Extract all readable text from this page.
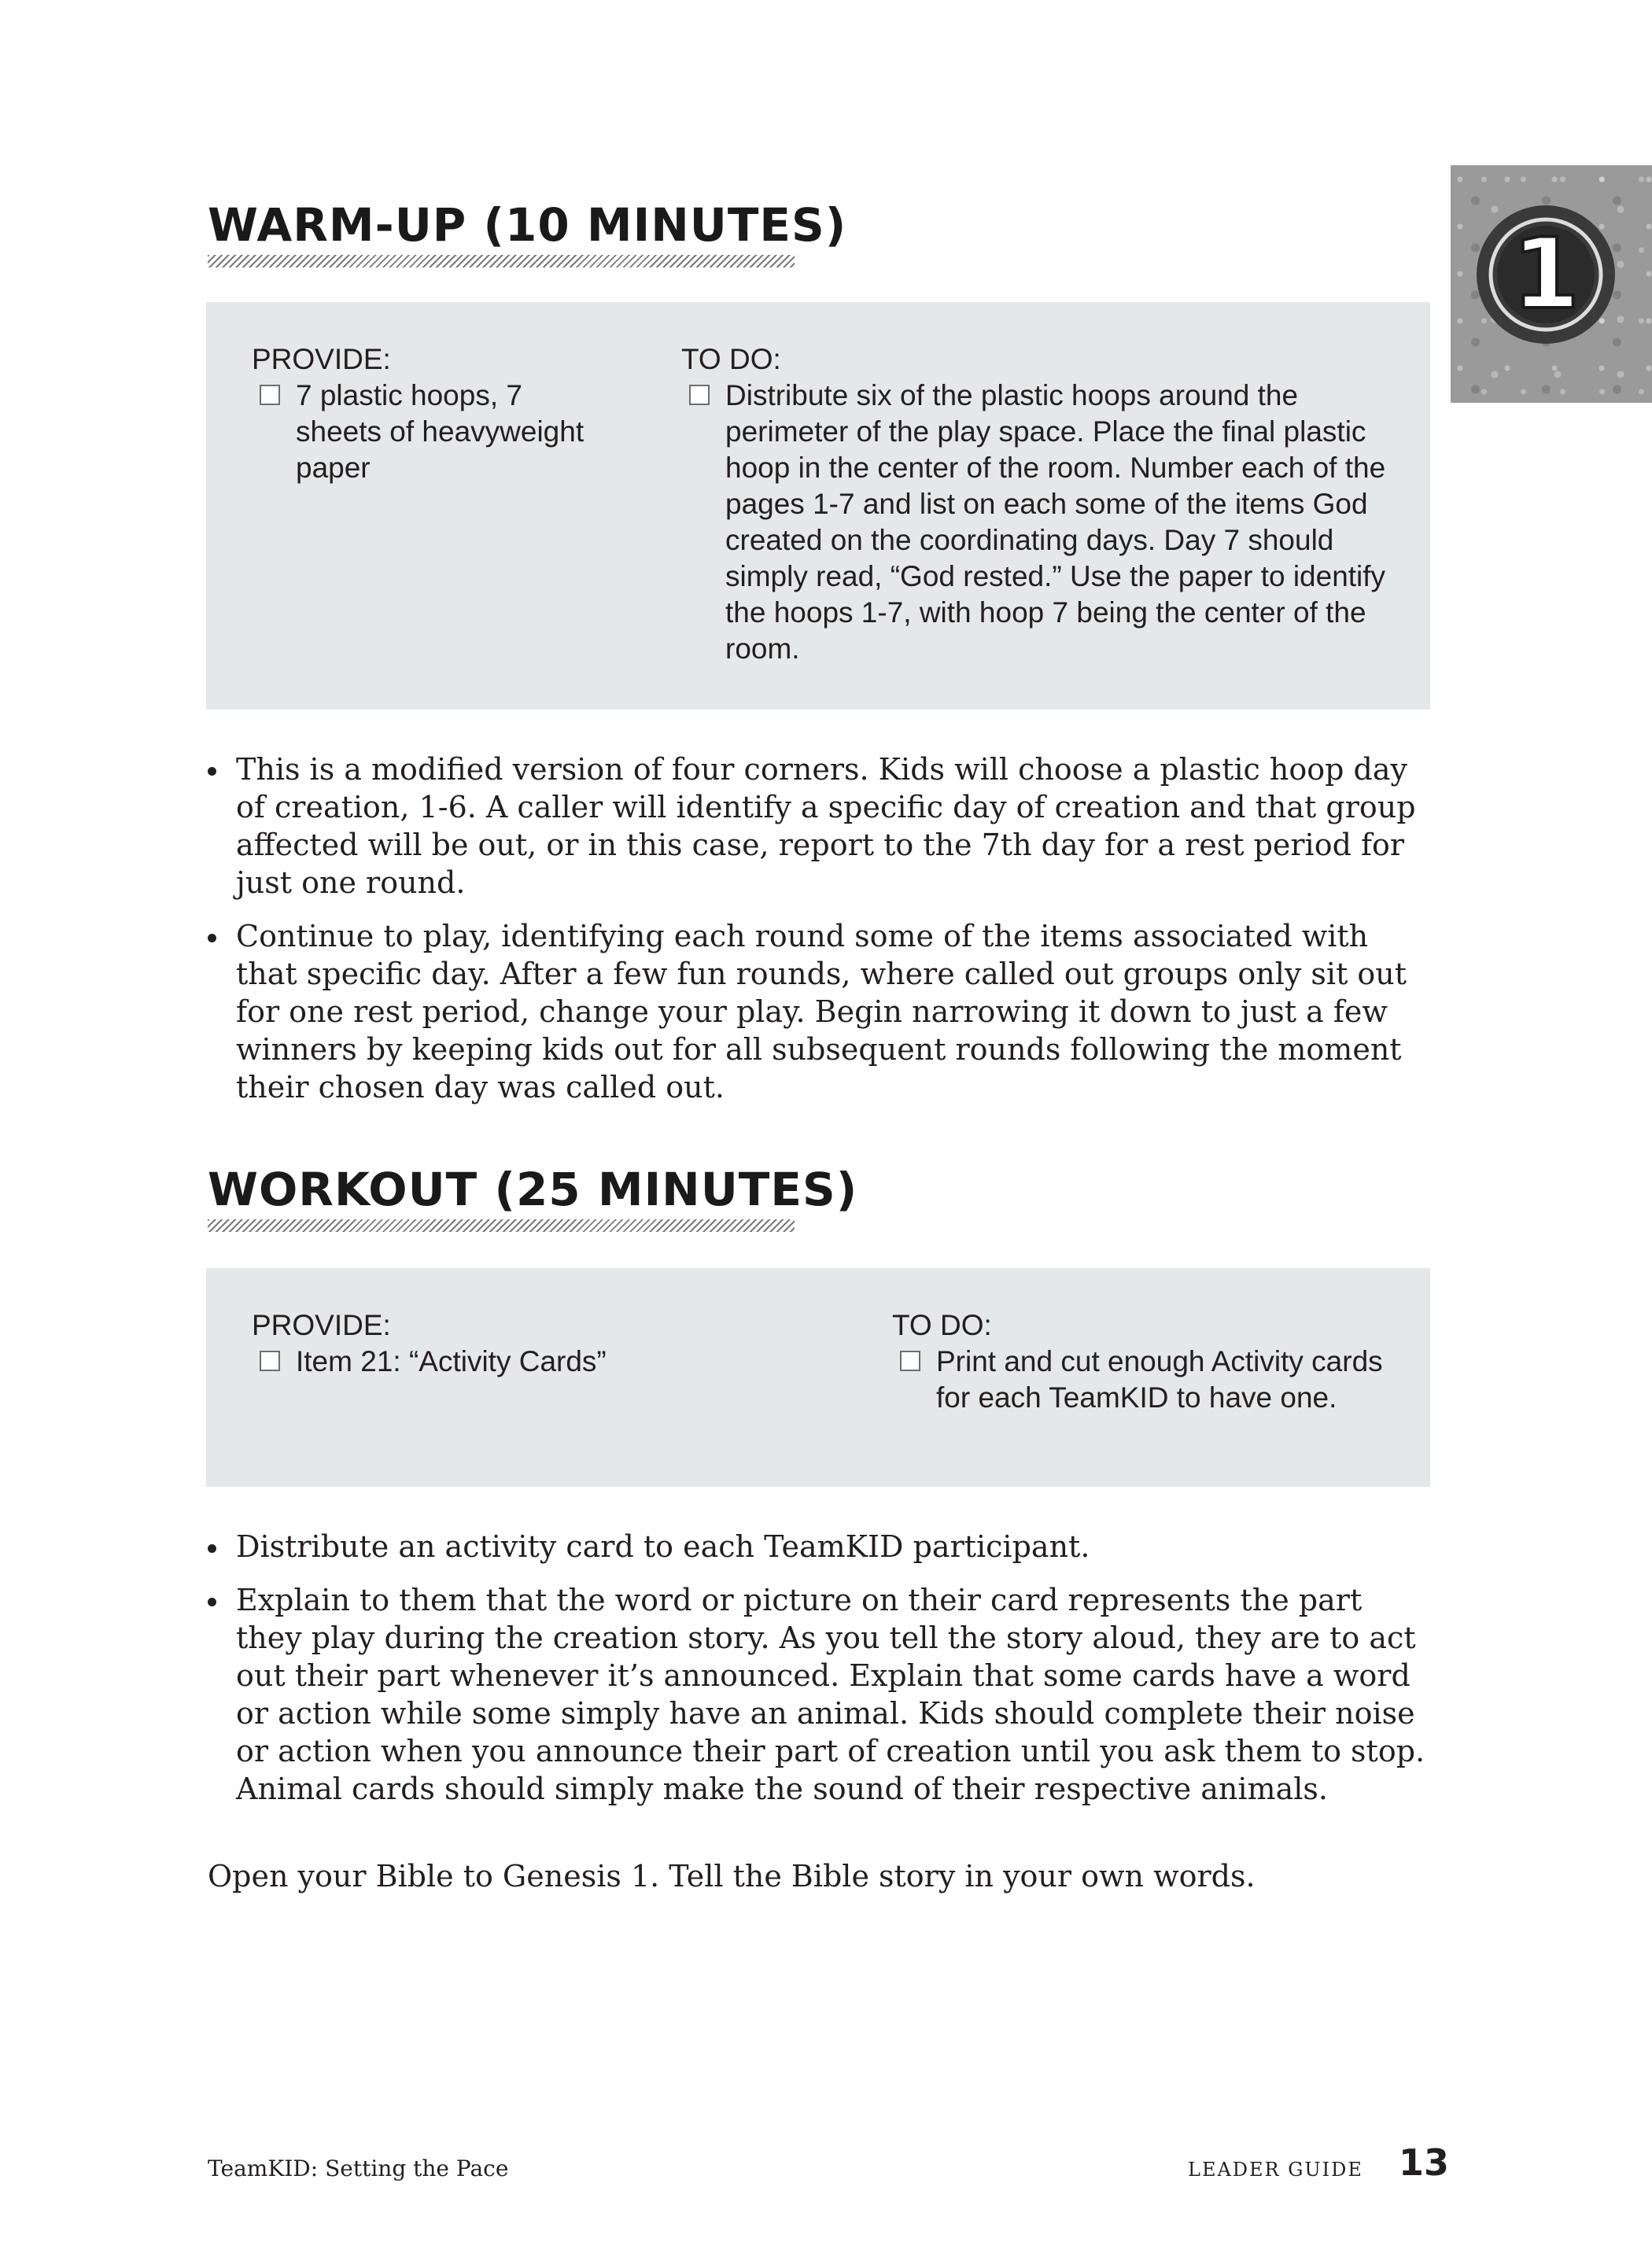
1
WARM-UP (10 MINUTES)
PROVIDE:
7 plastic hoops, 7 sheets of heavyweight paper
TO DO:
Distribute six of the plastic hoops around the perimeter of the play space. Place the final plastic hoop in the center of the room. Number each of the pages 1-7 and list on each some of the items God created on the coordinating days. Day 7 should simply read, “God rested.” Use the paper to identify the hoops 1-7, with hoop 7 being the center of the room.
This is a modified version of four corners. Kids will choose a plastic hoop day of creation, 1-6. A caller will identify a specific day of creation and that group affected will be out, or in this case, report to the 7th day for a rest period for just one round.
Continue to play, identifying each round some of the items associated with that specific day. After a few fun rounds, where called out groups only sit out for one rest period, change your play. Begin narrowing it down to just a few winners by keeping kids out for all subsequent rounds following the moment their chosen day was called out.
WORKOUT (25 MINUTES)
PROVIDE:
Item 21: “Activity Cards”
TO DO:
Print and cut enough Activity cards for each TeamKID to have one.
Distribute an activity card to each TeamKID participant.
Explain to them that the word or picture on their card represents the part they play during the creation story. As you tell the story aloud, they are to act out their part whenever it’s announced. Explain that some cards have a word or action while some simply have an animal. Kids should complete their noise or action when you announce their part of creation until you ask them to stop. Animal cards should simply make the sound of their respective animals.

Open your Bible to Genesis 1. Tell the Bible story in your own words.

TeamKID: Setting the Pace	LEADER GUIDE 13
